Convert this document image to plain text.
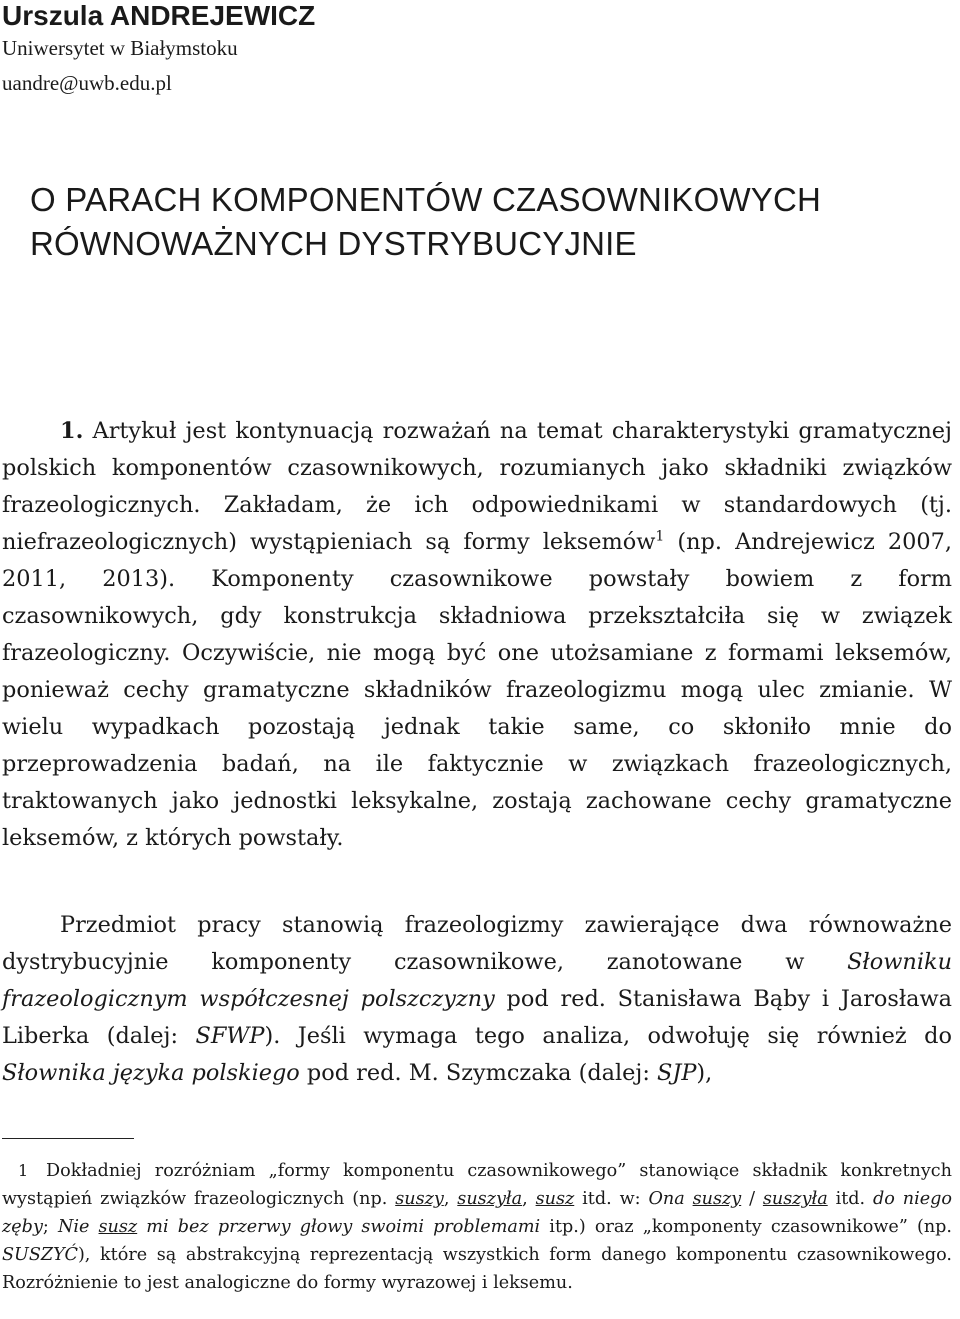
Urszula ANDREJEWICZ
Uniwersytet w Białymstoku
uandre@uwb.edu.pl
O PARACH KOMPONENTÓW CZASOWNIKOWYCH
RÓWNOWAŻNYCH DYSTRYBUCYJNIE

1. Artykuł jest kontynuacją rozważań na temat charakterystyki gramatycznej polskich komponentów czasownikowych, rozumianych jako składniki związków frazeologicznych. Zakładam, że ich odpowiednikami w standardowych (tj. niefrazeologicznych) wystąpieniach są formy leksemów$^1$ (np. Andrejewicz 2007, 2011, 2013). Komponenty czasownikowe powstały bowiem z form czasownikowych, gdy konstrukcja składniowa przekształciła się w związek frazeologiczny. Oczywiście, nie mogą być one utożsamiane z formami leksemów, ponieważ cechy gramatyczne składników frazeologizmu mogą ulec zmianie. W wielu wypadkach pozostają jednak takie same, co skłoniło mnie do przeprowadzenia badań, na ile faktycznie w związkach frazeologicznych, traktowanych jako jednostki leksykalne, zostają zachowane cechy gramatyczne leksemów, z których powstały.

Przedmiot pracy stanowią frazeologizmy zawierające dwa równoważne dystrybucyjnie komponenty czasownikowe, zanotowane w Słowniku frazeologicznym współczesnej polszczyzny pod red. Stanisława Bąby i Jarosława Liberka (dalej: SFWP). Jeśli wymaga tego analiza, odwołuję się również do Słownika języka polskiego pod red. M. Szymczaka (dalej: SJP),

1 Dokładniej rozróżniam „formy komponentu czasownikowego” stanowiące składnik konkretnych wystąpień związków frazeologicznych (np. suszy, suszyła, susz itd. w: Ona suszy / suszyła itd. do niego zęby; Nie susz mi bez przerwy głowy swoimi problemami itp.) oraz „komponenty czasownikowe” (np. SUSZYĆ), które są abstrakcyjną reprezentacją wszystkich form danego komponentu czasownikowego. Rozróżnienie to jest analogiczne do formy wyrazowej i leksemu.
